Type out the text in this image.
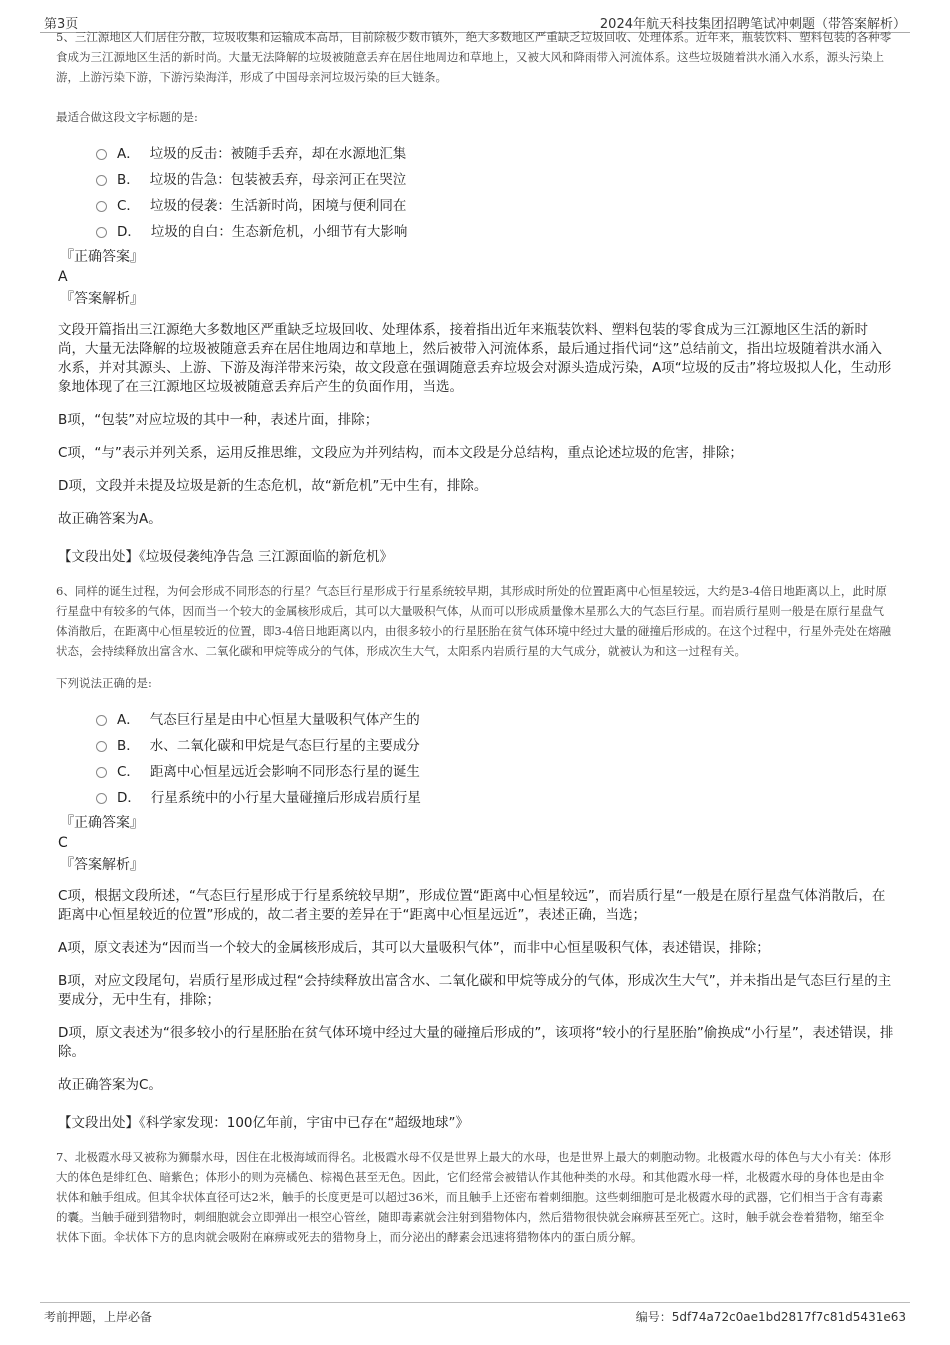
第3页	2024年航天科技集团招聘笔试冲刺题（带答案解析）

5、三江源地区人们居住分散，垃圾收集和运输成本高昂，目前除极少数市镇外，绝大多数地区严重缺乏垃圾回收、处理体系。近年来，瓶装饮料、塑料包装的各种零食成为三江源地区生活的新时尚。大量无法降解的垃圾被随意丢弃在居住地周边和草地上，又被大风和降雨带入河流体系。这些垃圾随着洪水涌入水系，源头污染上游，上游污染下游，下游污染海洋，形成了中国母亲河垃圾污染的巨大链条。

最适合做这段文字标题的是:
A． 垃圾的反击：被随手丢弃，却在水源地汇集
B． 垃圾的告急：包装被丢弃，母亲河正在哭泣
C． 垃圾的侵袭：生活新时尚，困境与便利同在
D． 垃圾的自白：生态新危机，小细节有大影响
『正确答案』
A
『答案解析』
文段开篇指出三江源绝大多数地区严重缺乏垃圾回收、处理体系，接着指出近年来瓶装饮料、塑料包装的零食成为三江源地区生活的新时尚，大量无法降解的垃圾被随意丢弃在居住地周边和草地上，然后被带入河流体系，最后通过指代词“这”总结前文，指出垃圾随着洪水涌入水系，并对其源头、上游、下游及海洋带来污染，故文段意在强调随意丢弃垃圾会对源头造成污染，A项“垃圾的反击”将垃圾拟人化，生动形象地体现了在三江源地区垃圾被随意丢弃后产生的负面作用，当选。
B项，“包装”对应垃圾的其中一种，表述片面，排除；
C项，“与”表示并列关系，运用反推思维，文段应为并列结构，而本文段是分总结构，重点论述垃圾的危害，排除；
D项，文段并未提及垃圾是新的生态危机，故“新危机”无中生有，排除。
故正确答案为A。
【文段出处】《垃圾侵袭纯净告急 三江源面临的新危机》

6、同样的诞生过程，为何会形成不同形态的行星？气态巨行星形成于行星系统较早期，其形成时所处的位置距离中心恒星较远，大约是3-4倍日地距离以上，此时原行星盘中有较多的气体，因而当一个较大的金属核形成后，其可以大量吸积气体，从而可以形成质量像木星那么大的气态巨行星。而岩质行星则一般是在原行星盘气体消散后，在距离中心恒星较近的位置，即3-4倍日地距离以内，由很多较小的行星胚胎在贫气体环境中经过大量的碰撞后形成的。在这个过程中，行星外壳处在熔融状态，会持续释放出富含水、二氧化碳和甲烷等成分的气体，形成次生大气，太阳系内岩质行星的大气成分，就被认为和这一过程有关。

下列说法正确的是:
A． 气态巨行星是由中心恒星大量吸积气体产生的
B． 水、二氧化碳和甲烷是气态巨行星的主要成分
C． 距离中心恒星远近会影响不同形态行星的诞生
D． 行星系统中的小行星大量碰撞后形成岩质行星
『正确答案』
C
『答案解析』
C项，根据文段所述，“气态巨行星形成于行星系统较早期”，形成位置“距离中心恒星较远”，而岩质行星“一般是在原行星盘气体消散后，在距离中心恒星较近的位置”形成的，故二者主要的差异在于“距离中心恒星远近”，表述正确，当选；
A项，原文表述为“因而当一个较大的金属核形成后，其可以大量吸积气体”，而非中心恒星吸积气体，表述错误，排除；
B项，对应文段尾句，岩质行星形成过程“会持续释放出富含水、二氧化碳和甲烷等成分的气体，形成次生大气”，并未指出是气态巨行星的主要成分，无中生有，排除；
D项，原文表述为“很多较小的行星胚胎在贫气体环境中经过大量的碰撞后形成的”，该项将“较小的行星胚胎”偷换成“小行星”，表述错误，排除。
故正确答案为C。
【文段出处】《科学家发现：100亿年前，宇宙中已存在“超级地球”》

7、北极霞水母又被称为狮鬃水母，因住在北极海域而得名。北极霞水母不仅是世界上最大的水母，也是世界上最大的刺胞动物。北极霞水母的体色与大小有关：体形大的体色是绯红色、暗紫色；体形小的则为亮橘色、棕褐色甚至无色。因此，它们经常会被错认作其他种类的水母。和其他霞水母一样，北极霞水母的身体也是由伞状体和触手组成。但其伞状体直径可达2米，触手的长度更是可以超过36米，而且触手上还密布着刺细胞。这些刺细胞可是北极霞水母的武器，它们相当于含有毒素的囊。当触手碰到猎物时，刺细胞就会立即弹出一根空心管丝，随即毒素就会注射到猎物体内，然后猎物很快就会麻痹甚至死亡。这时，触手就会卷着猎物，缩至伞状体下面。伞状体下方的息肉就会吸附在麻痹或死去的猎物身上，而分泌出的酵素会迅速将猎物体内的蛋白质分解。

考前押题，上岸必备	编号：5df74a72c0ae1bd2817f7c81d5431e63
